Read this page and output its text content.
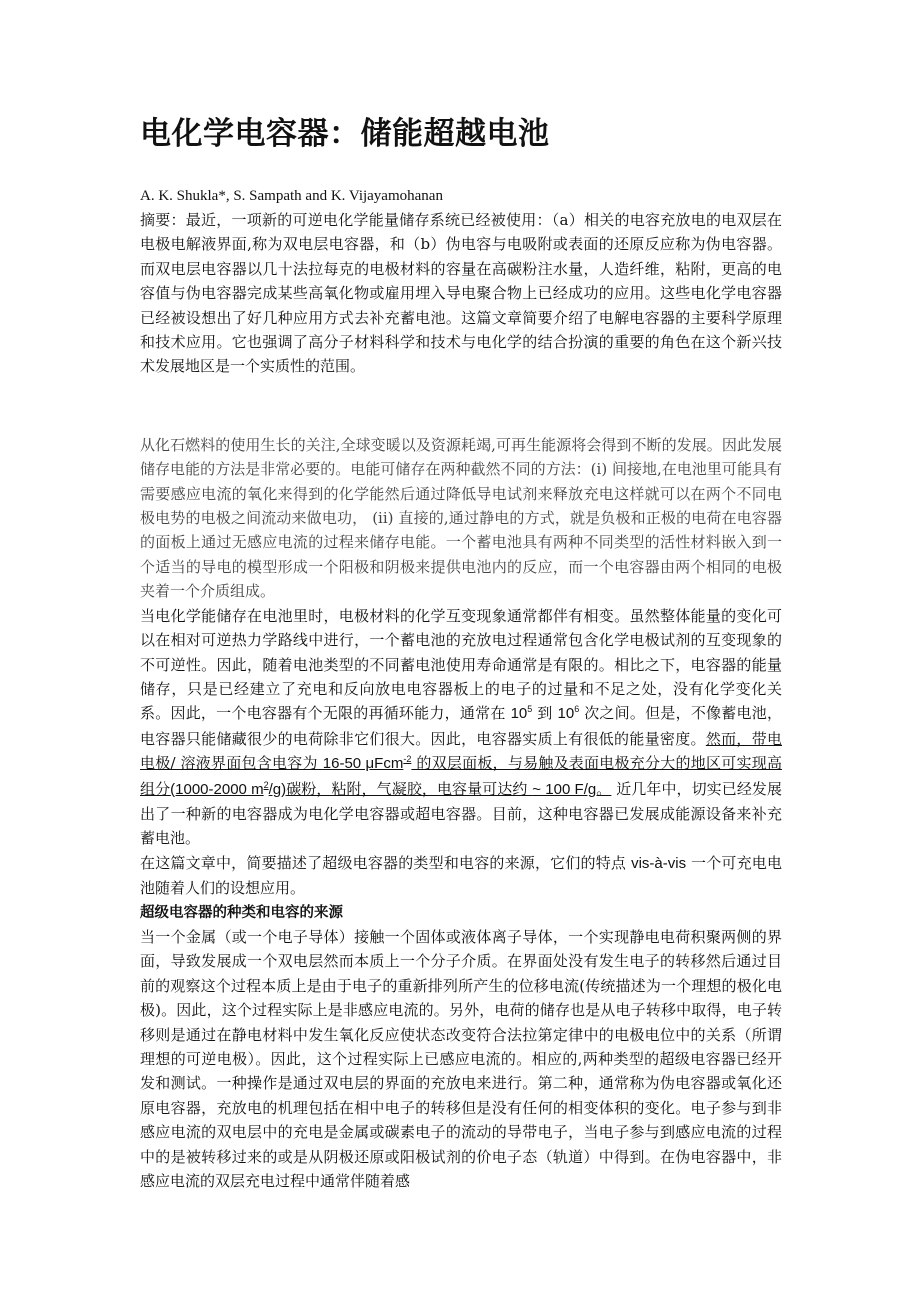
电化学电容器：储能超越电池
A. K. Shukla*, S. Sampath and K. Vijayamohanan

摘要：最近，一项新的可逆电化学能量储存系统已经被使用：（a）相关的电容充放电的电双层在电极电解液界面,称为双电层电容器，和（b）伪电容与电吸附或表面的还原反应称为伪电容器。而双电层电容器以几十法拉每克的电极材料的容量在高碳粉注水量，人造纤维，粘附，更高的电容值与伪电容器完成某些高氧化物或雇用埋入导电聚合物上已经成功的应用。这些电化学电容器已经被设想出了好几种应用方式去补充蓄电池。这篇文章简要介绍了电解电容器的主要科学原理和技术应用。它也强调了高分子材料科学和技术与电化学的结合扮演的重要的角色在这个新兴技术发展地区是一个实质性的范围。

从化石燃料的使用生长的关注,全球变暖以及资源耗竭,可再生能源将会得到不断的发展。因此发展储存电能的方法是非常必要的。电能可储存在两种截然不同的方法：(i) 间接地,在电池里可能具有需要感应电流的氧化来得到的化学能然后通过降低导电试剂来释放充电这样就可以在两个不同电极电势的电极之间流动来做电功， (ii) 直接的,通过静电的方式，就是负极和正极的电荷在电容器的面板上通过无感应电流的过程来储存电能。一个蓄电池具有两种不同类型的活性材料嵌入到一个适当的导电的模型形成一个阳极和阴极来提供电池内的反应，而一个电容器由两个相同的电极夹着一个介质组成。

当电化学能储存在电池里时，电极材料的化学互变现象通常都伴有相变。虽然整体能量的变化可以在相对可逆热力学路线中进行，一个蓄电池的充放电过程通常包含化学电极试剂的互变现象的不可逆性。因此，随着电池类型的不同蓄电池使用寿命通常是有限的。相比之下，电容器的能量储存，只是已经建立了充电和反向放电电容器板上的电子的过量和不足之处，没有化学变化关系。因此，一个电容器有个无限的再循环能力，通常在 $10^5$ 到 $10^6$ 次之间。但是，不像蓄电池，电容器只能储藏很少的电荷除非它们很大。因此，电容器实质上有很低的能量密度。然而，带电电极/ 溶液界面包含电容为 16-50 μFcm$^{-2}$ 的双层面板，与易触及表面电极充分大的地区可实现高组分(1000-2000 $m^2/g$)碳粉，粘附，气凝胶，电容量可达约 ~ 100 F/g。 近几年中，切实已经发展出了一种新的电容器成为电化学电容器或超电容器。目前，这种电容器已发展成能源设备来补充蓄电池。

在这篇文章中，简要描述了超级电容器的类型和电容的来源，它们的特点 vis-à-vis 一个可充电电池随着人们的设想应用。

超级电容器的种类和电容的来源

当一个金属（或一个电子导体）接触一个固体或液体离子导体，一个实现静电电荷积聚两侧的界面，导致发展成一个双电层然而本质上一个分子介质。在界面处没有发生电子的转移然后通过目前的观察这个过程本质上是由于电子的重新排列所产生的位移电流(传统描述为一个理想的极化电极)。因此，这个过程实际上是非感应电流的。另外，电荷的储存也是从电子转移中取得，电子转移则是通过在静电材料中发生氧化反应使状态改变符合法拉第定律中的电极电位中的关系（所谓理想的可逆电极）。因此，这个过程实际上已感应电流的。相应的,两种类型的超级电容器已经开发和测试。一种操作是通过双电层的界面的充放电来进行。第二种，通常称为伪电容器或氧化还原电容器，充放电的机理包括在相中电子的转移但是没有任何的相变体积的变化。电子参与到非感应电流的双电层中的充电是金属或碳素电子的流动的导带电子，当电子参与到感应电流的过程中的是被转移过来的或是从阴极还原或阳极试剂的价电子态（轨道）中得到。在伪电容器中，非感应电流的双层充电过程中通常伴随着感
